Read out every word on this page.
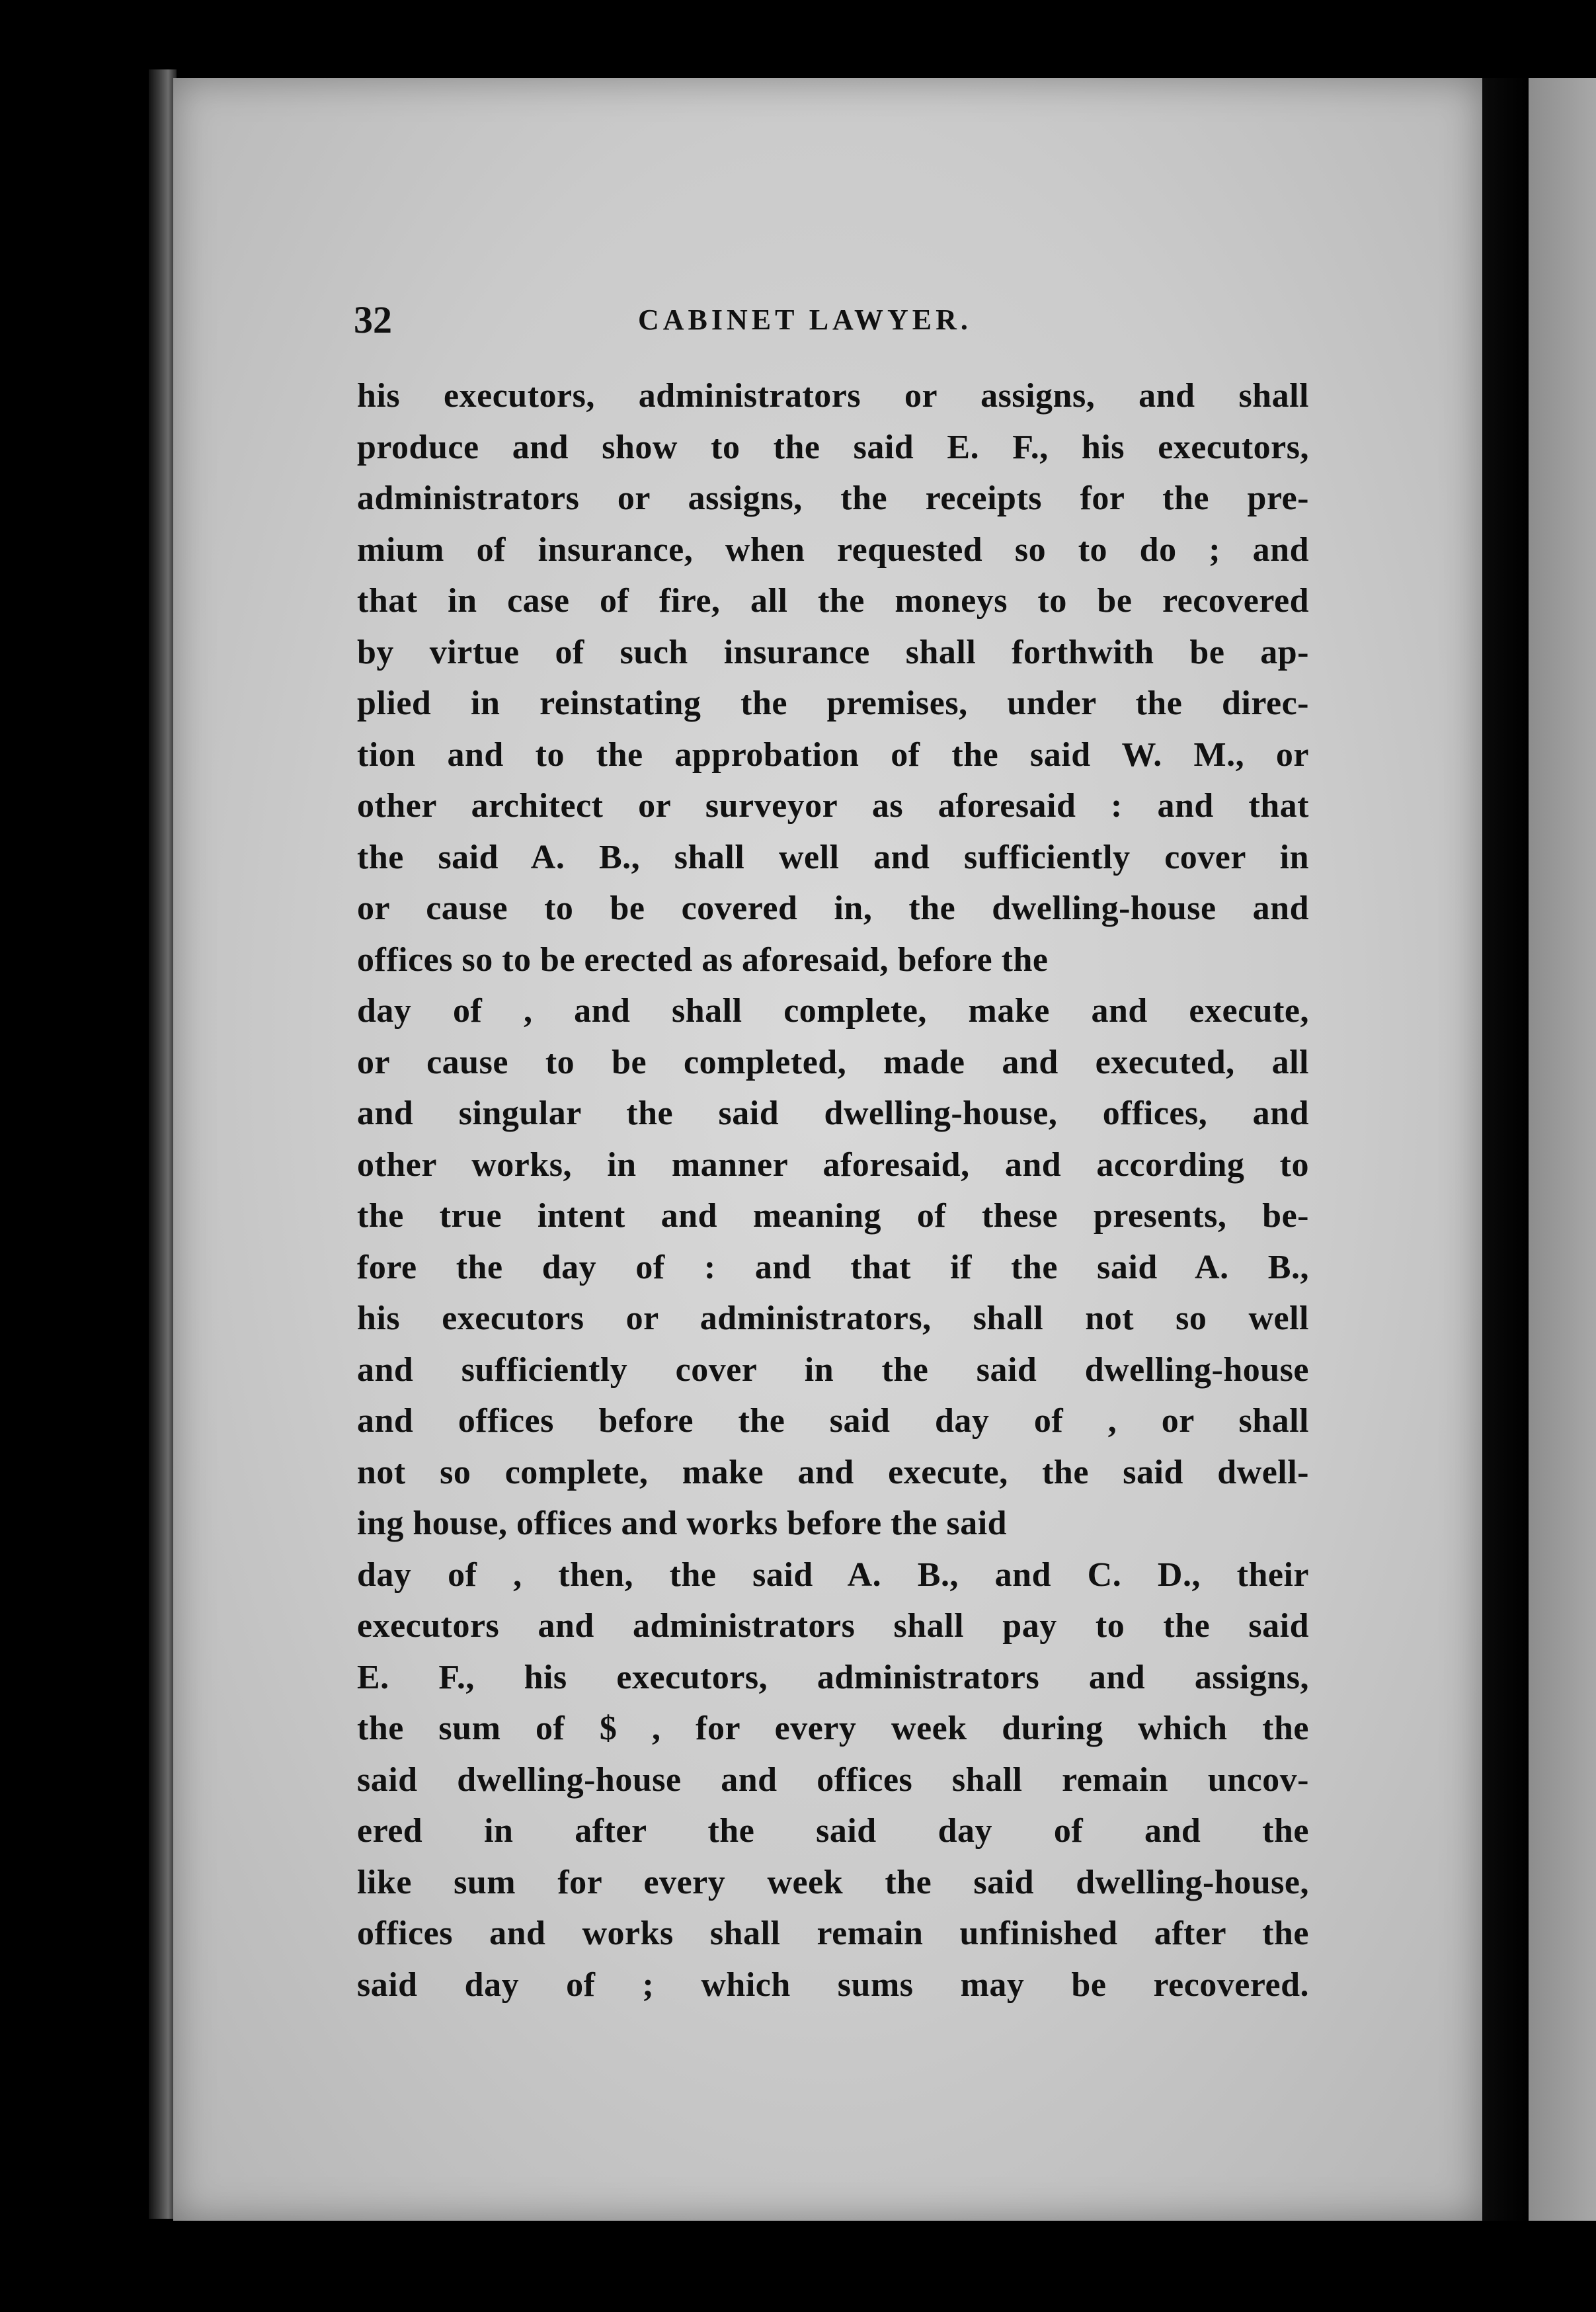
32	CABINET LAWYER.
his executors, administrators or assigns, and shall
produce and show to the said E. F., his executors,
administrators or assigns, the receipts for the pre-
mium of insurance, when requested so to do ; and
that in case of fire, all the moneys to be recovered
by virtue of such insurance shall forthwith be ap-
plied in reinstating the premises, under the direc-
tion and to the approbation of the said W. M., or
other architect or surveyor as aforesaid : and that
the said A. B., shall well and sufficiently cover in
or cause to be covered in, the dwelling-house and
offices so to be erected as aforesaid, before the
day of , and shall complete, make and execute,
or cause to be completed, made and executed, all
and singular the said dwelling-house, offices, and
other works, in manner aforesaid, and according to
the true intent and meaning of these presents, be-
fore the day of : and that if the said A. B.,
his executors or administrators, shall not so well
and sufficiently cover in the said dwelling-house
and offices before the said day of , or shall
not so complete, make and execute, the said dwell-
ing house, offices and works before the said
day of , then, the said A. B., and C. D., their
executors and administrators shall pay to the said
E. F., his executors, administrators and assigns,
the sum of $ , for every week during which the
said dwelling-house and offices shall remain uncov-
ered in after the said day of and the
like sum for every week the said dwelling-house,
offices and works shall remain unfinished after the
said day of ; which sums may be recovered.
